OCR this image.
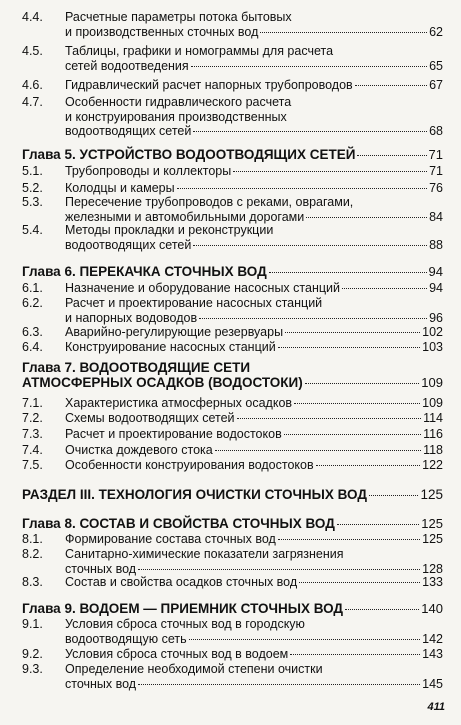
4.4. Расчетные параметры потока бытовых
и производственных сточных вод	62
4.5. Таблицы, графики и номограммы для расчета
сетей водоотведения	65
4.6. Гидравлический расчет напорных трубопроводов	67
4.7. Особенности гидравлического расчета
и конструирования производственных
водоотводящих сетей	68
Глава 5. УСТРОЙСТВО ВОДООТВОДЯЩИХ СЕТЕЙ	71
5.1. Трубопроводы и коллекторы	71
5.2. Колодцы и камеры	76
5.3. Пересечение трубопроводов с реками, оврагами,
железными и автомобильными дорогами	84
5.4. Методы прокладки и реконструкции
водоотводящих сетей	88
Глава 6. ПЕРЕКАЧКА СТОЧНЫХ ВОД	94
6.1. Назначение и оборудование насосных станций	94
6.2. Расчет и проектирование насосных станций
и напорных водоводов	96
6.3. Аварийно-регулирующие резервуары	102
6.4. Конструирование насосных станций	103
Глава 7. ВОДООТВОДЯЩИЕ СЕТИ
АТМОСФЕРНЫХ ОСАДКОВ (ВОДОСТОКИ)	109
7.1. Характеристика атмосферных осадков	109
7.2. Схемы водоотводящих сетей	114
7.3. Расчет и проектирование водостоков	116
7.4. Очистка дождевого стока	118
7.5. Особенности конструирования водостоков	122
РАЗДЕЛ III. ТЕХНОЛОГИЯ ОЧИСТКИ СТОЧНЫХ ВОД	125
Глава 8. СОСТАВ И СВОЙСТВА СТОЧНЫХ ВОД	125
8.1. Формирование состава сточных вод	125
8.2. Санитарно-химические показатели загрязнения
сточных вод	128
8.3. Состав и свойства осадков сточных вод	133
Глава 9. ВОДОЕМ — ПРИЕМНИК СТОЧНЫХ ВОД	140
9.1. Условия сброса сточных вод в городскую
водоотводящую сеть	142
9.2. Условия сброса сточных вод в водоем	143
9.3. Определение необходимой степени очистки
сточных вод	145
411
